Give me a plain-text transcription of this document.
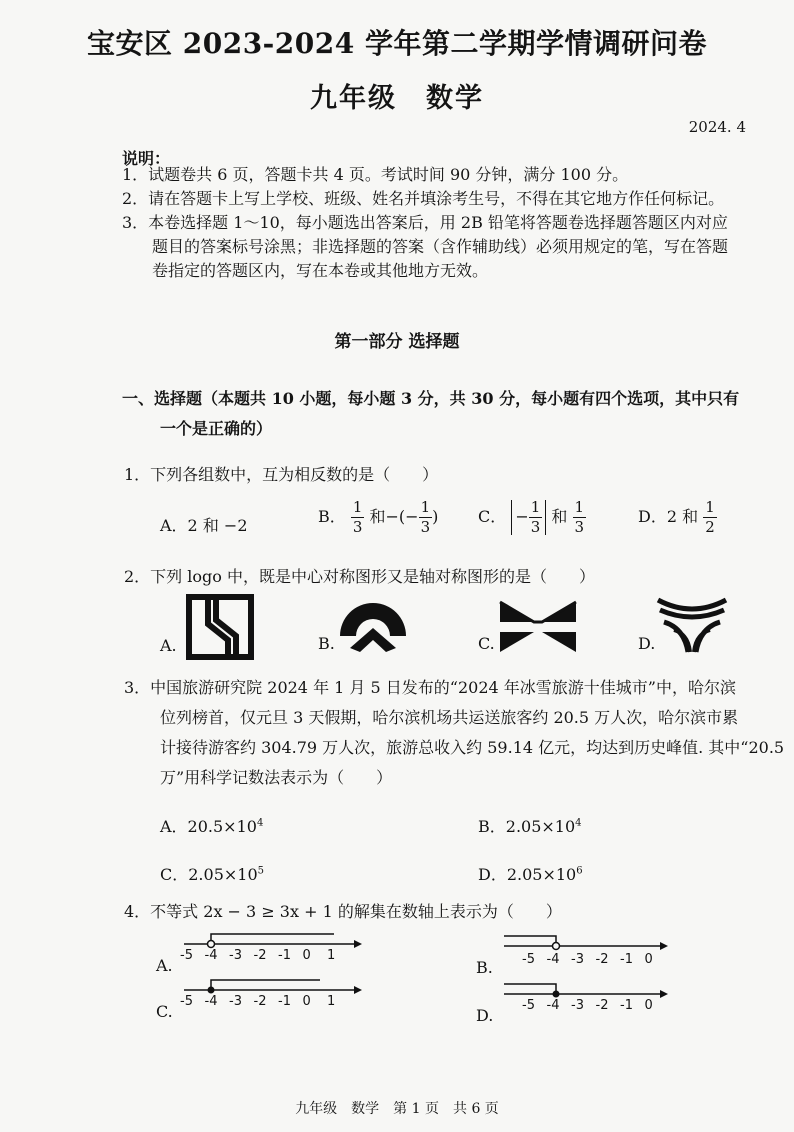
宝安区 2023-2024 学年第二学期学情调研问卷
九年级　数学
2024. 4
说明：
1．试题卷共 6 页，答题卡共 4 页。考试时间 90 分钟，满分 100 分。
2．请在答题卡上写上学校、班级、姓名并填涂考生号，不得在其它地方作任何标记。
3．本卷选择题 1～10，每小题选出答案后，用 2B 铅笔将答题卷选择题答题区内对应
题目的答案标号涂黑；非选择题的答案（含作辅助线）必须用规定的笔，写在答题
卷指定的答题区内，写在本卷或其他地方无效。
第一部分 选择题
一、选择题（本题共 10 小题，每小题 3 分，共 30 分，每小题有四个选项，其中只有
一个是正确的）
1．下列各组数中，互为相反数的是（　　）
A．2 和 −2	B． $\frac{1}{3}$ 和−(− $\frac{1}{3}$ ) C． − $\frac{1}{3}$ 和 $\frac{1}{3}$	D．2 和 $\frac{1}{2}$
2．下列 logo 中，既是中心对称图形又是轴对称图形的是（　　）
A.	B.	C.	D.
3．中国旅游研究院 2024 年 1 月 5 日发布的“2024 年冰雪旅游十佳城市”中，哈尔滨
位列榜首，仅元旦 3 天假期，哈尔滨机场共运送旅客约 20.5 万人次，哈尔滨市累
计接待游客约 304.79 万人次，旅游总收入约 59.14 亿元，均达到历史峰值. 其中“20.5
万”用科学记数法表示为（　　）
A．$20.5\times 10^4$	B．$2.05\times 10^4$
C．$2.05\times 10^5$	D．$2.05\times 10^6$
4．不等式 2x − 3 ≥ 3x + 1 的解集在数轴上表示为（　　）
A.	B.
C.	D.
-5 -4 -3 -2 -1 0 1	-5 -4 -3 -2 -1 0
-5 -4 -3 -2 -1 0 1	-5 -4 -3 -2 -1 0
九年级　数学　第 1 页　共 6 页
